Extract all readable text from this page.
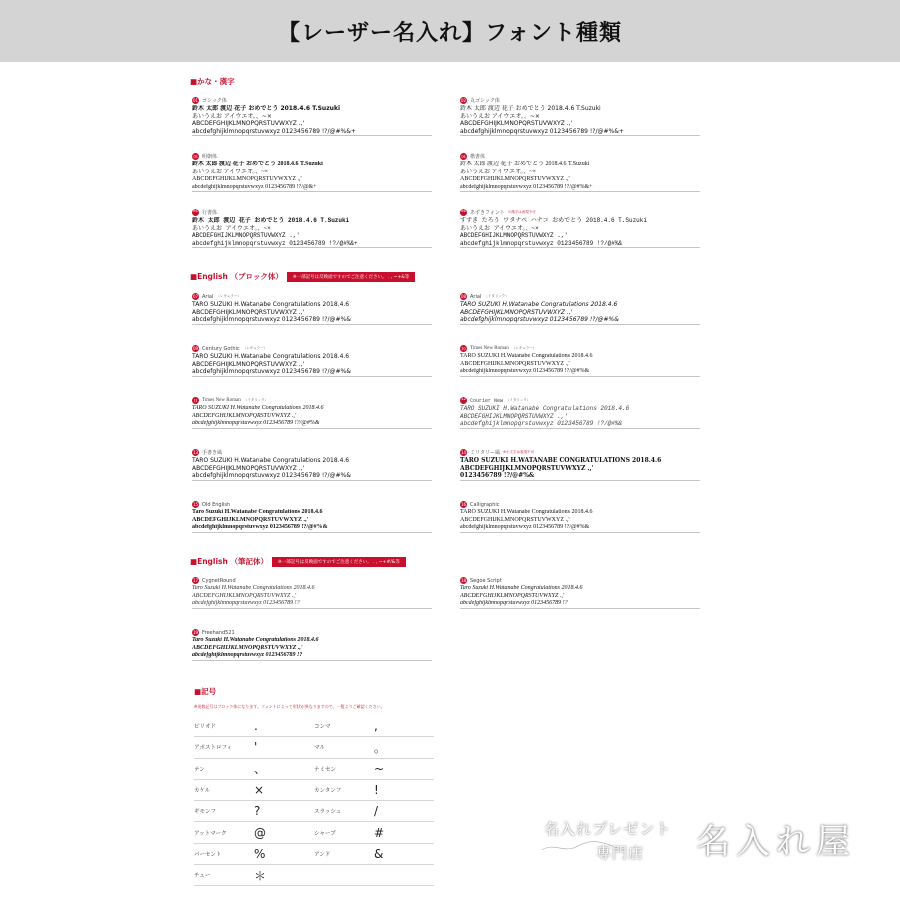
【レーザー名入れ】フォント種類
■かな・漢字
01 ゴシック体
鈴木 太郎 渡辺 花子 おめでとう 2018.4.6 T.Suzuki
あいうえお アイウエオ。、~×
ABCDEFGHIJKLMNOPQRSTUVWXYZ .,'
abcdefghijklmnopqrstuvwxyz 0123456789 !?/@#%&+
02 丸ゴシック体
鈴木 太郎 渡辺 花子 おめでとう 2018.4.6 T.Suzuki
あいうえお アイウエオ。、~×
ABCDEFGHIJKLMNOPQRSTUVWXYZ .,'
abcdefghijklmnopqrstuvwxyz 0123456789 !?/@#%&+
03 明朝体
鈴木 太郎 渡辺 花子 おめでとう 2018.4.6 T.Suzuki
あいうえお アイウエオ。、~×
ABCDEFGHIJKLMNOPQRSTUVWXYZ .,'
abcdefghijklmnopqrstuvwxyz 0123456789 !?/@&+
04 楷書体
鈴木 太郎 渡辺 花子 おめでとう 2018.4.6 T.Suzuki
あいうえお アイウエオ。、~×
ABCDEFGHIJKLMNOPQRSTUVWXYZ .,'
abcdefghijklmnopqrstuvwxyz 0123456789 !?/@#%&+
05 行書体
鈴木 太郎 渡辺 花子 おめでとう 2018.4.6 T.Suzuki
あいうえお アイウエオ。、~×
ABCDEFGHIJKLMNOPQRSTUVWXYZ .,'
abcdefghijklmnopqrstuvwxyz 0123456789 !?/@#%&+
06 あずきフォント ※漢字は表現不可
すずき たろう ワタナベ ハナコ おめでとう 2018.4.6 T.Suzuki
あいうえお アイウエオ。、~×
ABCDEFGHIJKLMNOPQRSTUVWXYZ .,'
abcdefghijklmnopqrstuvwxyz 0123456789 !?/@#%&
■English （ブロック体）	※一部記号は反映面ですのでご注意ください。 . , ~+&等
07 Arial （レギュラー）
TARO SUZUKI H.Watanabe Congratulations 2018.4.6
ABCDEFGHIJKLMNOPQRSTUVWXYZ .,'
abcdefghijklmnopqrstuvwxyz 0123456789 !?/@#%&
08 Arial （イタリック）
TARO SUZUKI H.Watanabe Congratulations 2018.4.6
ABCDEFGHIJKLMNOPQRSTUVWXYZ .,'
abcdefghijklmnopqrstuvwxyz 0123456789 !?/@#%&
09 Century Gothic （レギュラー）
TARO SUZUKI H.Watanabe Congratulations 2018.4.6
ABCDEFGHIJKLMNOPQRSTUVWXYZ .,'
abcdefghijklmnopqrstuvwxyz 0123456789 !?/@#%&
10 Times New Roman （レギュラー）
TARO SUZUKI H.Watanabe Congratulations 2018.4.6
ABCDEFGHIJKLMNOPQRSTUVWXYZ .,'
abcdefghijklmnopqrstuvwxyz 0123456789 !?/@#%&
11 Times New Roman （イタリック）
TARO SUZUKI H.Watanabe Congratulations 2018.4.6
ABCDEFGHIJKLMNOPQRSTUVWXYZ .,'
abcdefghijklmnopqrstuvwxyz 0123456789 !?/@#%&
12 Courier New （イタリック）
TARO SUZUKI H.Watanabe Congratulations 2018.4.6
ABCDEFGHIJKLMNOPQRSTUVWXYZ .,'
abcdefghijklmnopqrstuvwxyz 0123456789 !?/@#%&
13 手書き風
TARO SUZUKI H.Watanabe Congratulations 2018.4.6
ABCDEFGHIJKLMNOPQRSTUVWXYZ .,'
abcdefghijklmnopqrstuvwxyz 0123456789 !?/@#%&
14 ミリタリー風 ※小文字は表現不可
TARO SUZUKI H.WATANABE CONGRATULATIONS 2018.4.6
ABCDEFGHIJKLMNOPQRSTUVWXYZ .,'
0123456789 !?/@#%&
15 Old English
Taro Suzuki H.Watanabe Congratulations 2018.4.6
ABCDEFGHIJKLMNOPQRSTUVWXYZ .,'
abcdefghijklmnopqrstuvwxyz 0123456789 !?/@#%&
16 Calligraphic
TARO SUZUKI H.Watanabe Congratulations 2018.4.6
ABCDEFGHIJKLMNOPQRSTUVWXYZ .,'
abcdefghijklmnopqrstuvwxyz 0123456789 !?/@#%&
■English （筆記体）	※一部記号は反映面ですのでご注意ください。 . , ~+#/&等
17 CygnetRound
Taro Suzuki H.Watanabe Congratulations 2018.4.6
ABCDEFGHIJKLMNOPQRSTUVWXYZ .,'
abcdefghijklmnopqrstuvwxyz 0123456789 !?
18 Segoe Script
Taro Suzuki H.Watanabe Congratulations 2018.4.6
ABCDEFGHIJKLMNOPQRSTUVWXYZ .,'
abcdefghijklmnopqrstuvwxyz 0123456789 !?
19 Freehand521
Taro Suzuki H.Watanabe Congratulations 2018.4.6
ABCDEFGHIJKLMNOPQRSTUVWXYZ .,'
abcdefghijklmnopqrstuvwxyz 0123456789 !?
■記号
※英数記号はブロック体になります。フォントによって形状が異なりますので、一覧よりご確認ください。
ピリオド	.	コンマ	,
アポストロフィ	'	マル	。
テン	、	ナミセン	~
カケル	×	カンタンフ	!
ギモンフ	?	スラッシュ	/
アットマーク	@	シャープ	#
パーセント	%	アンド	&
チュー	＊
名入れプレゼント
専門店 名入れ屋
